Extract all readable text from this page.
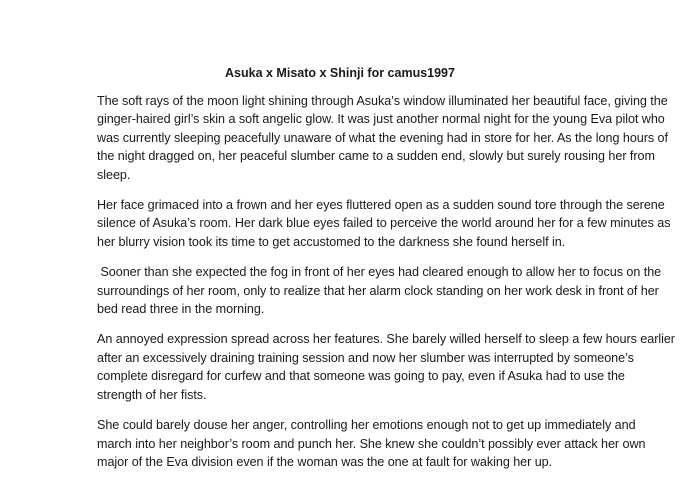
Asuka x Misato x Shinji for camus1997

The soft rays of the moon light shining through Asuka’s window illuminated her beautiful face, giving the
ginger-haired girl’s skin a soft angelic glow. It was just another normal night for the young Eva pilot who
was currently sleeping peacefully unaware of what the evening had in store for her. As the long hours of
the night dragged on, her peaceful slumber came to a sudden end, slowly but surely rousing her from
sleep.

Her face grimaced into a frown and her eyes fluttered open as a sudden sound tore through the serene
silence of Asuka’s room. Her dark blue eyes failed to perceive the world around her for a few minutes as
her blurry vision took its time to get accustomed to the darkness she found herself in.

Sooner than she expected the fog in front of her eyes had cleared enough to allow her to focus on the
surroundings of her room, only to realize that her alarm clock standing on her work desk in front of her
bed read three in the morning.

An annoyed expression spread across her features. She barely willed herself to sleep a few hours earlier
after an excessively draining training session and now her slumber was interrupted by someone’s
complete disregard for curfew and that someone was going to pay, even if Asuka had to use the
strength of her fists.

She could barely douse her anger, controlling her emotions enough not to get up immediately and
march into her neighbor’s room and punch her. She knew she couldn’t possibly ever attack her own
major of the Eva division even if the woman was the one at fault for waking her up.
